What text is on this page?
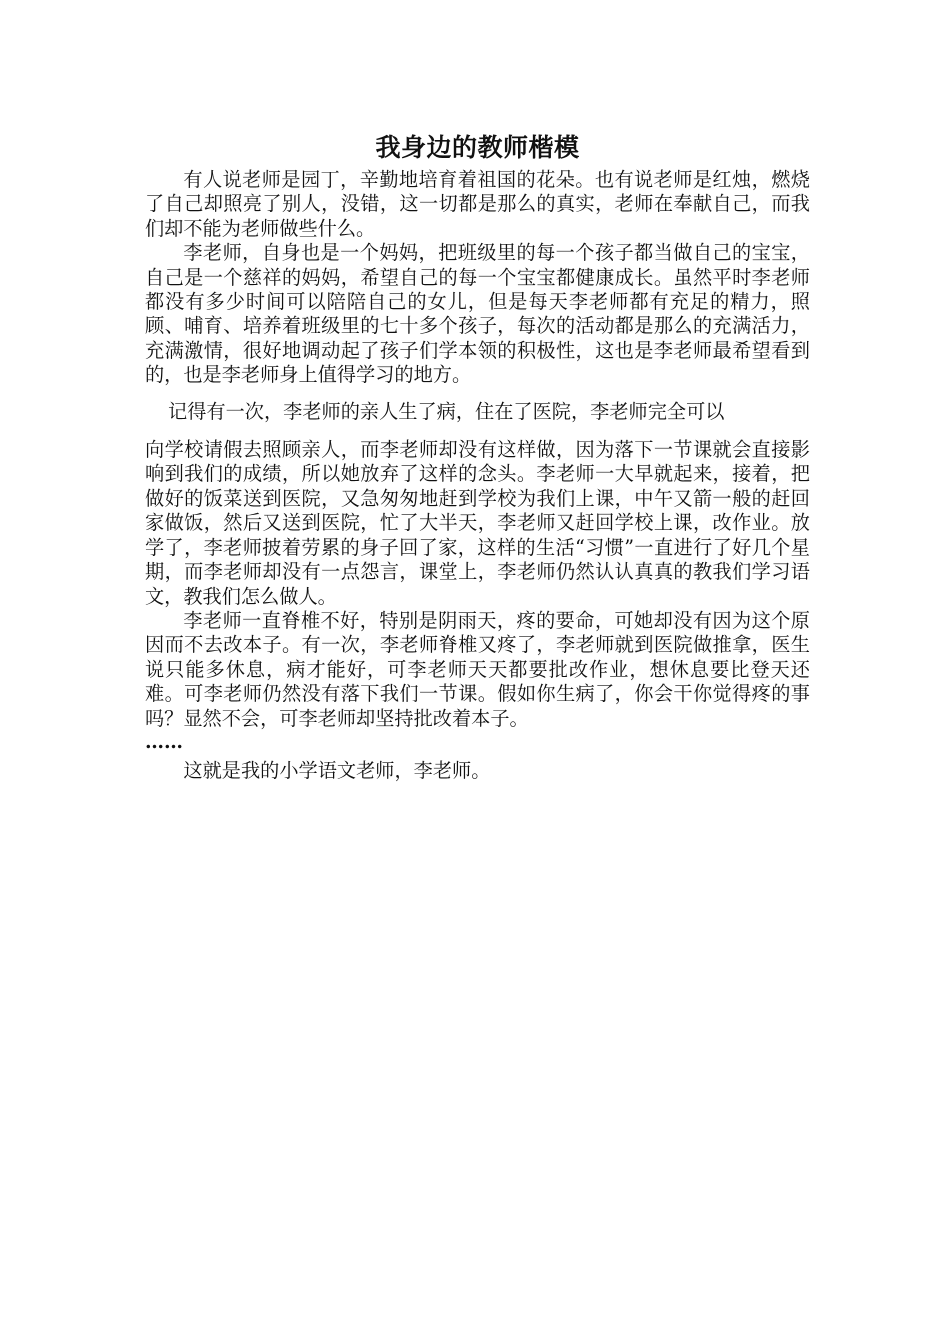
我身边的教师楷模

有人说老师是园丁，辛勤地培育着祖国的花朵。也有说老师是红烛，燃烧了自己却照亮了别人，没错，这一切都是那么的真实，老师在奉献自己，而我们却不能为老师做些什么。

李老师，自身也是一个妈妈，把班级里的每一个孩子都当做自己的宝宝，自己是一个慈祥的妈妈，希望自己的每一个宝宝都健康成长。虽然平时李老师都没有多少时间可以陪陪自己的女儿，但是每天李老师都有充足的精力，照顾、哺育、培养着班级里的七十多个孩子，每次的活动都是那么的充满活力，充满激情，很好地调动起了孩子们学本领的积极性，这也是李老师最希望看到的，也是李老师身上值得学习的地方。

记得有一次，李老师的亲人生了病，住在了医院，李老师完全可以

向学校请假去照顾亲人，而李老师却没有这样做，因为落下一节课就会直接影响到我们的成绩，所以她放弃了这样的念头。李老师一大早就起来，接着，把做好的饭菜送到医院，又急匆匆地赶到学校为我们上课，中午又箭一般的赶回家做饭，然后又送到医院，忙了大半天，李老师又赶回学校上课，改作业。放学了，李老师披着劳累的身子回了家，这样的生活“习惯”一直进行了好几个星期，而李老师却没有一点怨言，课堂上，李老师仍然认认真真的教我们学习语文，教我们怎么做人。

李老师一直脊椎不好，特别是阴雨天，疼的要命，可她却没有因为这个原因而不去改本子。有一次，李老师脊椎又疼了，李老师就到医院做推拿，医生说只能多休息，病才能好，可李老师天天都要批改作业，想休息要比登天还难。可李老师仍然没有落下我们一节课。假如你生病了，你会干你觉得疼的事吗？显然不会，可李老师却坚持批改着本子。

……

这就是我的小学语文老师，李老师。
